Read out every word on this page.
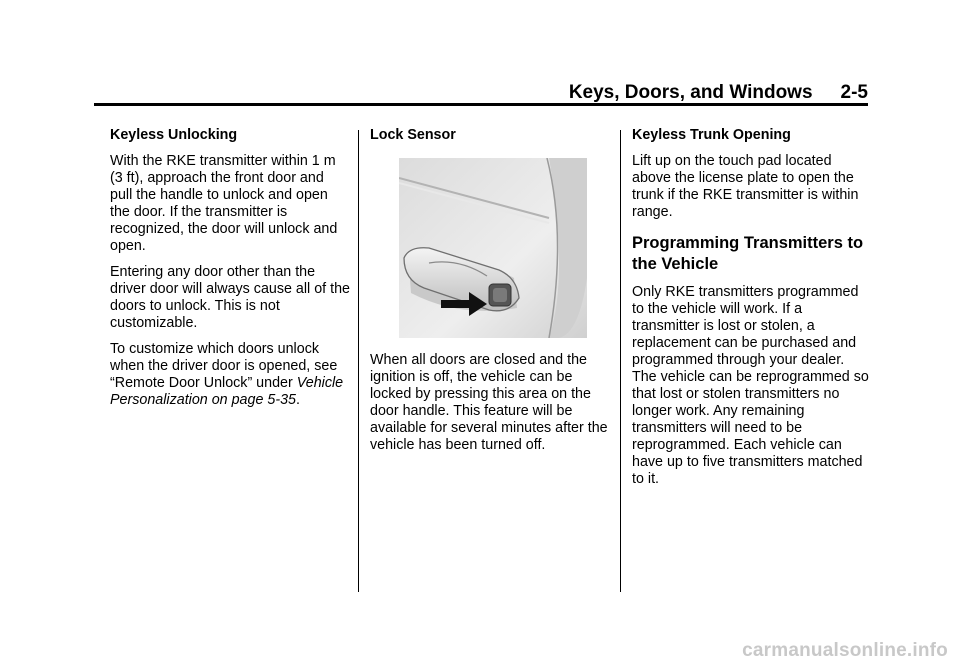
Keys, Doors, and Windows 2-5

Keyless Unlocking

With the RKE transmitter within 1 m (3 ft), approach the front door and pull the handle to unlock and open the door. If the transmitter is recognized, the door will unlock and open.

Entering any door other than the driver door will always cause all of the doors to unlock. This is not customizable.

To customize which doors unlock when the driver door is opened, see “Remote Door Unlock” under Vehicle Personalization on page 5-35.

Lock Sensor

When all doors are closed and the ignition is off, the vehicle can be locked by pressing this area on the door handle. This feature will be available for several minutes after the vehicle has been turned off.

Keyless Trunk Opening

Lift up on the touch pad located above the license plate to open the trunk if the RKE transmitter is within range.

Programming Transmitters to the Vehicle

Only RKE transmitters programmed to the vehicle will work. If a transmitter is lost or stolen, a replacement can be purchased and programmed through your dealer. The vehicle can be reprogrammed so that lost or stolen transmitters no longer work. Any remaining transmitters will need to be reprogrammed. Each vehicle can have up to five transmitters matched to it.

carmanualsonline.info
